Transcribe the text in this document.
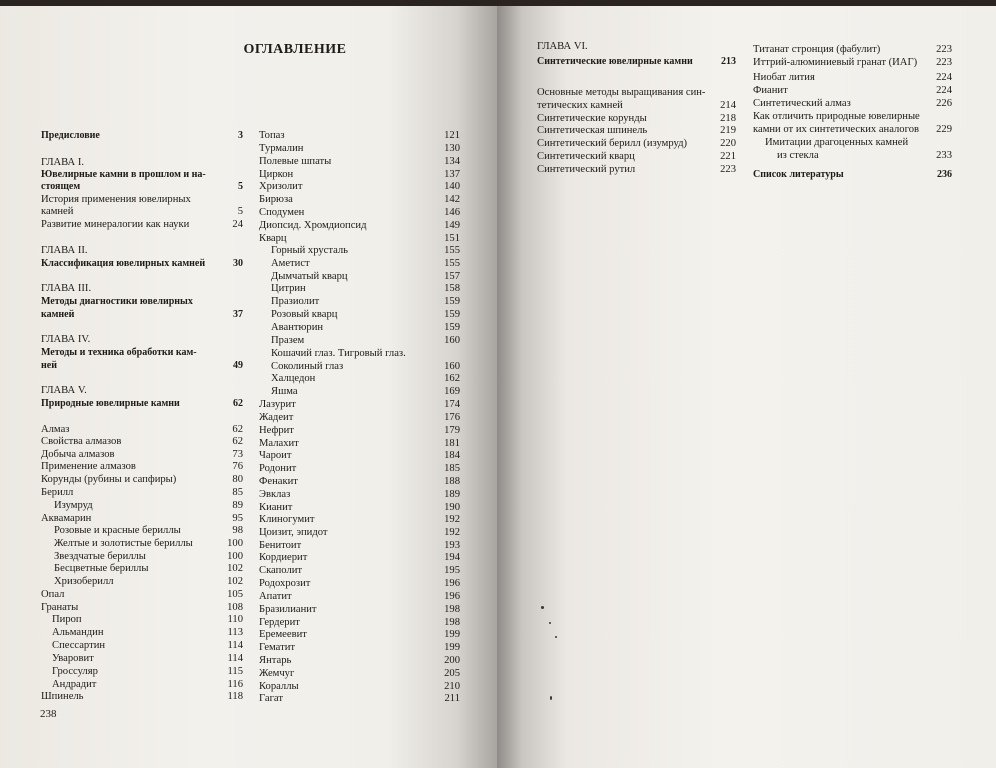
ОГЛАВЛЕНИЕ
Предисловие	3
ГЛАВА I.
Ювелирные камни в прошлом и на-
стоящем	5
История применения ювелирных
камней	5
Развитие минералогии как науки	24
ГЛАВА II.
Классификация ювелирных камней	30
ГЛАВА III.
Методы диагностики ювелирных
камней	37
ГЛАВА IV.
Методы и техника обработки кам-
ней	49
ГЛАВА V.
Природные ювелирные камни	62
Алмаз	62
Свойства алмазов	62
Добыча алмазов	73
Применение алмазов	76
Корунды (рубины и сапфиры)	80
Берилл	85
Изумруд	89
Аквамарин	95
Розовые и красные бериллы	98
Желтые и золотистые бериллы	100
Звездчатые бериллы	100
Бесцветные бериллы	102
Хризоберилл	102
Опал	105
Гранаты	108
Пироп	110
Альмандин	113
Спессартин	114
Уваровит	114
Гроссуляр	115
Андрадит	116
Шпинель	118
Топаз	121
Турмалин	130
Полевые шпаты	134
Циркон	137
Хризолит	140
Бирюза	142
Сподумен	146
Диопсид. Хромдиопсид	149
Кварц	151
Горный хрусталь	155
Аметист	155
Дымчатый кварц	157
Цитрин	158
Празиолит	159
Розовый кварц	159
Авантюрин	159
Празем	160
Кошачий глаз. Тигровый глаз.
Соколиный глаз	160
Халцедон	162
Яшма	169
Лазурит	174
Жадеит	176
Нефрит	179
Малахит	181
Чароит	184
Родонит	185
Фенакит	188
Эвклаз	189
Кианит	190
Клиногумит	192
Цоизит, эпидот	192
Бенитоит	193
Кордиерит	194
Скаполит	195
Родохрозит	196
Апатит	196
Бразилианит	198
Гердерит	198
Еремеевит	199
Гематит	199
Янтарь	200
Жемчуг	205
Кораллы	210
Гагат	211
238
ГЛАВА VI.
Синтетические ювелирные камни	213
Основные методы выращивания син-
тетических камней	214
Синтетические корунды	218
Синтетическая шпинель	219
Синтетический берилл (изумруд)	220
Синтетический кварц	221
Синтетический рутил	223
Титанат стронция (фабулит)	223
Иттрий-алюминиевый гранат (ИАГ)	223
Ниобат лития	224
Фианит	224
Синтетический алмаз	226
Как отличить природные ювелирные
камни от их синтетических аналогов	229
Имитации драгоценных камней
из стекла	233
Список литературы	236
